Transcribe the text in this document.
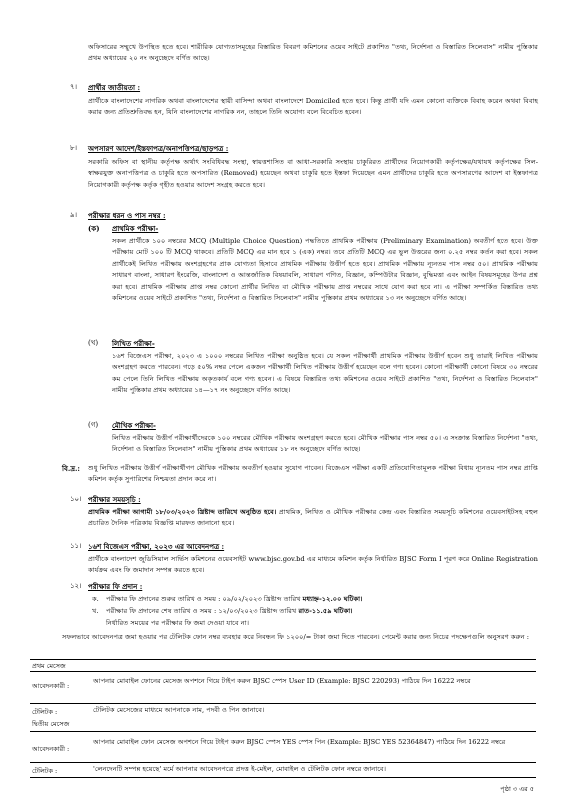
অফিসারের সম্মুখে উপস্থিত হতে হবে। শারীরিক যোগ্যতাসমূহের বিস্তারিত বিবরণ কমিশনের ওয়েব সাইটে প্রকাশিত "তথ্য, নির্দেশনা ও বিস্তারিত সিলেবাস" নামীয় পুস্তিকার প্রথম অধ্যায়ের ২০ নং অনুচ্ছেদে বর্ণিত আছে।
৭। প্রার্থীর জাতীয়তা :
প্রার্থীকে বাংলাদেশের নাগরিক অথবা বাংলাদেশের স্থায়ী বাসিন্দা অথবা বাংলাদেশে Domiciled হতে হবে। কিন্তু প্রার্থী যদি এমন কোনো ব্যক্তিকে বিবাহ করেন অথবা বিবাহ করার জন্য প্রতিশ্রুতিবদ্ধ হন, যিনি বাংলাদেশের নাগরিক নন, তাহলে তিনি অযোগ্য বলে বিবেচিত হবেন।
৮। অপসারণ আদেশ/ইস্তফাপত্র/অনাপত্তিপত্র/ছাড়পত্র :
সরকারি অফিস বা স্থানীয় কর্তৃপক্ষ অর্থাৎ সংবিধিবদ্ধ সংস্থা, স্বায়ত্তশাসিত বা আধা-সরকারি সংস্থায় চাকুরিরত প্রার্থীদের নিয়োগকারী কর্তৃপক্ষের/যথাযথ কর্তৃপক্ষের সিল-স্বাক্ষরযুক্ত অনাপত্তিপত্র ও চাকুরি হতে অপসারিত (Removed) হয়েছেন অথবা চাকুরি হতে ইস্তফা দিয়েছেন এমন প্রার্থীদের চাকুরি হতে অপসারণের আদেশ বা ইস্তফাপত্র নিয়োগকারী কর্তৃপক্ষ কর্তৃক গৃহীত হওয়ার আদেশ সংগ্রহ করতে হবে।
৯। পরীক্ষার ধরন ও পাস নম্বর :
(ক) প্রাথমিক পরীক্ষা-
সকল প্রার্থীকে ১০০ নম্বরের MCQ (Multiple Choice Question) পদ্ধতিতে প্রাথমিক পরীক্ষায় (Preliminary Examination) অবতীর্ণ হতে হবে। উক্ত পরীক্ষায় মোট ১০০ টি MCQ থাকবে। প্রতিটি MCQ এর মান হবে ১ (এক) নম্বর। তবে প্রতিটি MCQ এর ভুল উত্তরের জন্য ০.২৫ নম্বর কর্তন করা হবে। সকল প্রার্থীকেই লিখিত পরীক্ষায় অংশগ্রহণের প্রাক যোগ্যতা হিসাবে প্রাথমিক পরীক্ষায় উত্তীর্ণ হতে হবে। প্রাথমিক পরীক্ষায় ন্যূনতম পাস নম্বর ৫০। প্রাথমিক পরীক্ষায় সাধারণ বাংলা, সাধারণ ইংরেজি, বাংলাদেশ ও আন্তর্জাতিক বিষয়াবলি, সাধারণ গণিত, বিজ্ঞান, কম্পিউটার বিজ্ঞান, বুদ্ধিমত্তা এবং আইন বিষয়সমূহের উপর প্রশ্ন করা হবে। প্রাথমিক পরীক্ষায় প্রাপ্ত নম্বর কোনো প্রার্থীর লিখিত বা মৌখিক পরীক্ষায় প্রাপ্ত নম্বরের সাথে যোগ করা হবে না। এ পরীক্ষা সম্পর্কিত বিস্তারিত তথ্য কমিশনের ওয়েব সাইটে প্রকাশিত "তথ্য, নির্দেশনা ও বিস্তারিত সিলেবাস" নামীয় পুস্তিকার প্রথম অধ্যায়ের ১৩ নং অনুচ্ছেদে বর্ণিত আছে।
(খ) লিখিত পরীক্ষা-
১৬শ বিজেএস পরীক্ষা, ২০২৩ এ ১০০০ নম্বরের লিখিত পরীক্ষা অনুষ্ঠিত হবে। যে সকল পরীক্ষার্থী প্রাথমিক পরীক্ষায় উত্তীর্ণ হবেন শুধু তারাই লিখিত পরীক্ষায় অংশগ্রহণ করতে পারবেন। গড়ে ৫০% নম্বর পেলে একজন পরীক্ষার্থী লিখিত পরীক্ষায় উত্তীর্ণ হয়েছেন বলে গণ্য হবেন। কোনো পরীক্ষার্থী কোনো বিষয়ে ৩০ নম্বরের কম পেলে তিনি লিখিত পরীক্ষায় অকৃতকার্য বলে গণ্য হবেন। এ বিষয়ে বিস্তারিত তথ্য কমিশনের ওয়েব সাইটে প্রকাশিত "তথ্য, নির্দেশনা ও বিস্তারিত সিলেবাস" নামীয় পুস্তিকার প্রথম অধ্যায়ের ১৪—১৭ নং অনুচ্ছেদে বর্ণিত আছে।
(গ) মৌখিক পরীক্ষা-
লিখিত পরীক্ষায় উত্তীর্ণ পরীক্ষার্থীদেরকে ১০০ নম্বরের মৌখিক পরীক্ষায় অংশগ্রহণ করতে হবে। মৌখিক পরীক্ষার পাস নম্বর ৫০। এ সংক্রান্ত বিস্তারিত নির্দেশনা "তথ্য, নির্দেশনা ও বিস্তারিত সিলেবাস" নামীয় পুস্তিকার প্রথম অধ্যায়ের ১৮ নং অনুচ্ছেদে বর্ণিত আছে।
বি.দ্র.: শুধু লিখিত পরীক্ষায় উত্তীর্ণ পরীক্ষার্থীগণ মৌখিক পরীক্ষায় অবতীর্ণ হওয়ার সুযোগ পাবেন। বিজেএস পরীক্ষা একটি প্রতিযোগিতামূলক পরীক্ষা বিধায় ন্যূনতম পাস নম্বর প্রাপ্তি কমিশন কর্তৃক সুপারিশের নিশ্চয়তা প্রদান করে না।
১০। পরীক্ষার সময়সূচি :
প্রাথমিক পরীক্ষা আগামী ১৮/০৩/২০২৩ খ্রিষ্টাব্দ তারিখে অনুষ্ঠিত হবে। প্রাথমিক, লিখিত ও মৌখিক পরীক্ষার কেন্দ্র এবং বিস্তারিত সময়সূচি কমিশনের ওয়েবসাইটসহ বহুল প্রচারিত দৈনিক পত্রিকায় বিজ্ঞপ্তি মারফত জানানো হবে।
১১। ১৬শ বিজেএস পরীক্ষা, ২০২৩ এর আবেদনপত্র :
প্রার্থীকে বাংলাদেশ জুডিসিয়াল সার্ভিস কমিশনের ওয়েবসাইট www.bjsc.gov.bd এর মাধ্যমে কমিশন কর্তৃক নির্ধারিত BJSC Form I পূরণ করে Online Registration কার্যক্রম এবং ফি জমাদান সম্পন্ন করতে হবে।
১২। পরীক্ষার ফি প্রদান :
ক. পরীক্ষার ফি প্রদানের শুরুর তারিখ ও সময় : ০৯/০২/২০২৩ খ্রিষ্টাব্দ তারিখ মধ্যাহ্ন-১২.০০ ঘটিকা।
খ. পরীক্ষার ফি প্রদানের শেষ তারিখ ও সময় : ১২/০৩/২০২৩ খ্রিষ্টাব্দ তারিখ রাত-১১.৫৯ ঘটিকা।
নির্ধারিত সময়ের পর পরীক্ষার ফি জমা দেওয়া যাবে না।
সফলভাবে আবেদনপত্র জমা হওয়ার পর টেলিটক ফোন নম্বর ব্যবহার করে নিবন্ধন ফি ১২০০/= টাকা জমা দিতে পারবেন। পেমেন্ট করার জন্য নিচের পদক্ষেপগুলি অনুসরণ করুন :
প্রথম মেসেজ
আবেদনকারী :
আপনার মোবাইল ফোনের মেসেজ অপশনে গিয়ে টাইপ করুন BJSC স্পেস User ID (Example: BJSC 220293) পাঠিয়ে দিন 16222 নম্বরে
টেলিটক :	টেলিটক মেসেজের মাধ্যমে আপনাকে নাম, পদবী ও পিন জানাবে।
দ্বিতীয় মেসেজ
আবেদনকারী :
আপনার মোবাইল ফোন মেসেজ অপশনে গিয়ে টাইপ করুন BJSC স্পেস YES স্পেস পিন (Example: BJSC YES 52364847) পাঠিয়ে দিন 16222 নম্বরে
টেলিটক :	'লেনদেনটি সম্পন্ন হয়েছে' মর্মে আপনার আবেদনপত্রে প্রদত্ত ই-মেইল, মোবাইল ও টেলিটক ফোন নম্বরে জানাবে।
পৃষ্ঠা ৩ এর ৫
